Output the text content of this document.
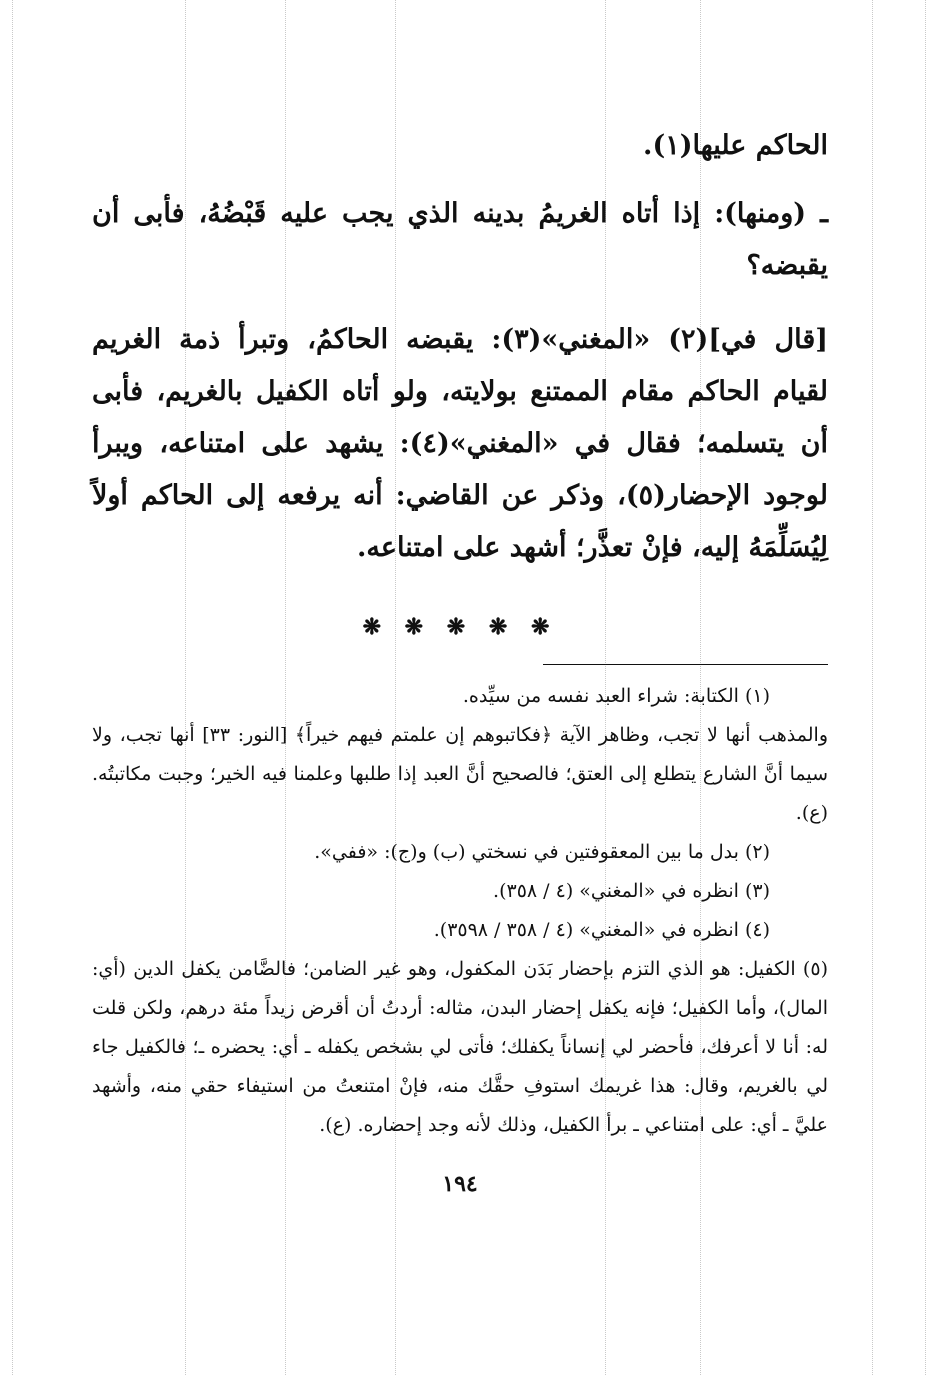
الحاكم عليها(١).

ـ (ومنها): إذا أتاه الغريمُ بدينه الذي يجب عليه قَبْضُهُ، فأبى أن يقبضه؟

[قال في](٢) «المغني»(٣): يقبضه الحاكمُ، وتبرأ ذمة الغريم لقيام الحاكم مقام الممتنع بولايته، ولو أتاه الكفيل بالغريم، فأبى أن يتسلمه؛ فقال في «المغني»(٤): يشهد على امتناعه، ويبرأ لوجود الإحضار(٥)، وذكر عن القاضي: أنه يرفعه إلى الحاكم أولاً لِيُسَلِّمَهُ إليه، فإنْ تعذَّر؛ أشهد على امتناعه.

❋ ❋ ❋ ❋ ❋

(١) الكتابة: شراء العبد نفسه من سيِّده.

والمذهب أنها لا تجب، وظاهر الآية ﴿فكاتبوهم إن علمتم فيهم خيراً﴾ [النور: ٣٣] أنها تجب، ولا سيما أنَّ الشارع يتطلع إلى العتق؛ فالصحيح أنَّ العبد إذا طلبها وعلمنا فيه الخير؛ وجبت مكاتبتُه. (ع).

(٢) بدل ما بين المعقوفتين في نسختي (ب) و(ج): «ففي».

(٣) انظره في «المغني» (٤ / ٣٥٨).

(٤) انظره في «المغني» (٤ / ٣٥٨ / ٣٥٩٨).

(٥) الكفيل: هو الذي التزم بإحضار بَدَن المكفول، وهو غير الضامن؛ فالضَّامن يكفل الدين (أي: المال)، وأما الكفيل؛ فإنه يكفل إحضار البدن، مثاله: أردتُ أن أقرض زيداً مئة درهم، ولكن قلت له: أنا لا أعرفك، فأحضر لي إنساناً يكفلك؛ فأتى لي بشخص يكفله ـ أي: يحضره ـ؛ فالكفيل جاء لي بالغريم، وقال: هذا غريمك استوفِ حقَّك منه، فإنْ امتنعتُ من استيفاء حقي منه، وأشهد عليَّ ـ أي: على امتناعي ـ برأ الكفيل، وذلك لأنه وجد إحضاره. (ع).

١٩٤
